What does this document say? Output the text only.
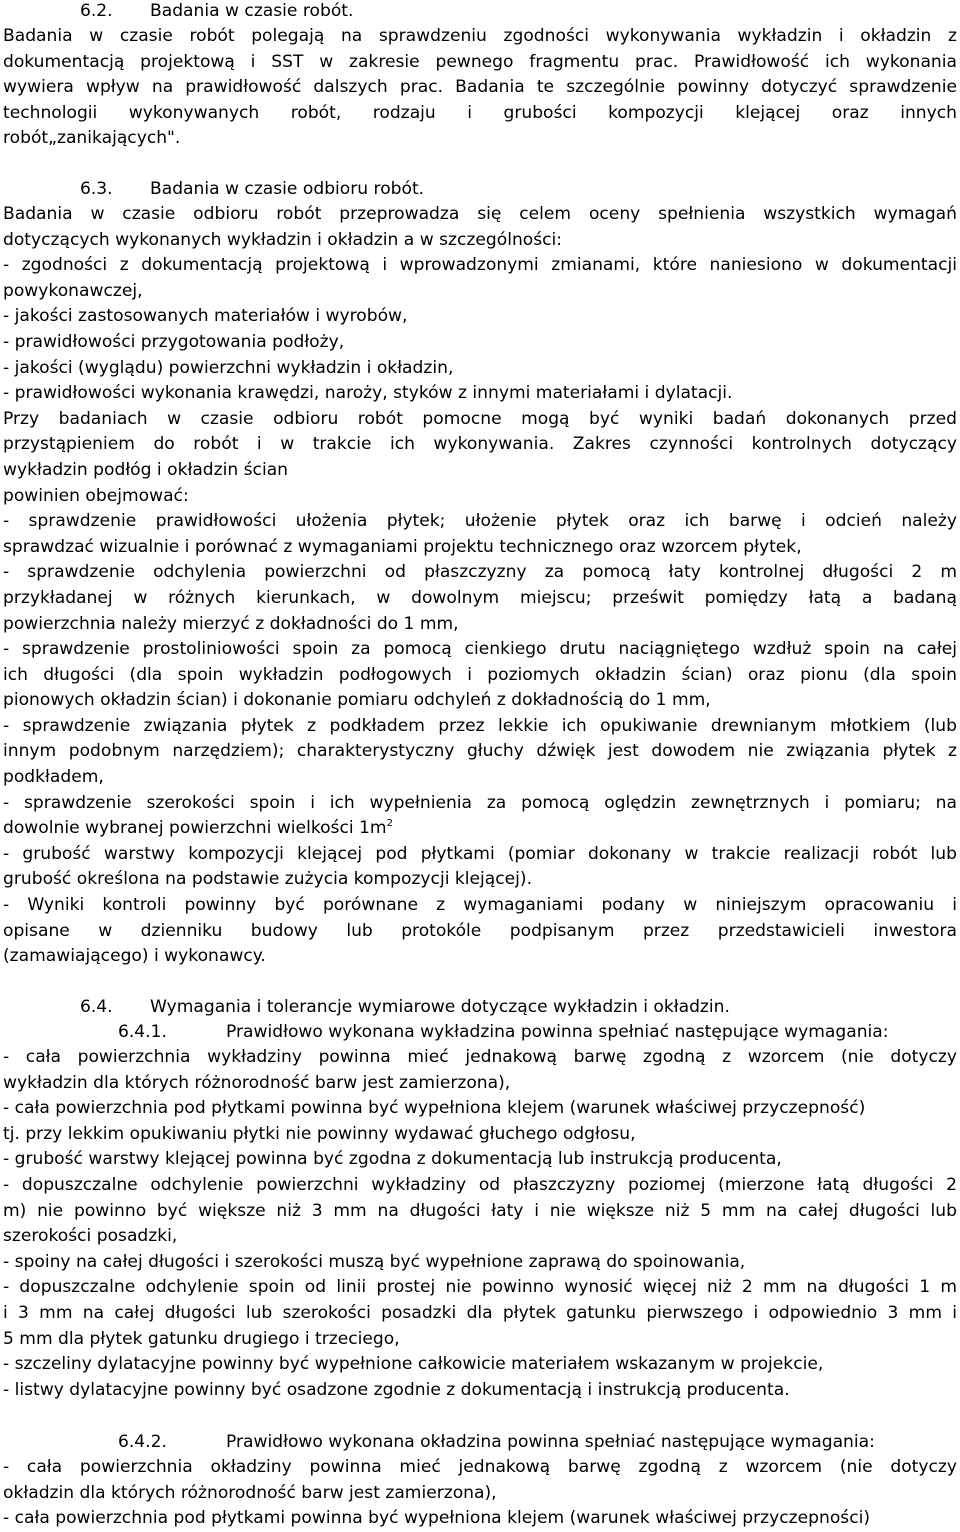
6.2. Badania w czasie robót.
Badania w czasie robót polegają na sprawdzeniu zgodności wykonywania wykładzin i okładzin z
dokumentacją projektową i SST w zakresie pewnego fragmentu prac. Prawidłowość ich wykonania
wywiera wpływ na prawidłowość dalszych prac. Badania te szczególnie powinny dotyczyć sprawdzenie
technologii wykonywanych robót, rodzaju i grubości kompozycji klejącej oraz innych
robót„zanikających".
6.3. Badania w czasie odbioru robót.
Badania w czasie odbioru robót przeprowadza się celem oceny spełnienia wszystkich wymagań
dotyczących wykonanych wykładzin i okładzin a w szczególności:
- zgodności z dokumentacją projektową i wprowadzonymi zmianami, które naniesiono w dokumentacji
powykonawczej,
- jakości zastosowanych materiałów i wyrobów,
- prawidłowości przygotowania podłoży,
- jakości (wyglądu) powierzchni wykładzin i okładzin,
- prawidłowości wykonania krawędzi, naroży, styków z innymi materiałami i dylatacji.
Przy badaniach w czasie odbioru robót pomocne mogą być wyniki badań dokonanych przed
przystąpieniem do robót i w trakcie ich wykonywania. Zakres czynności kontrolnych dotyczący
wykładzin podłóg i okładzin ścian
powinien obejmować:
- sprawdzenie prawidłowości ułożenia płytek; ułożenie płytek oraz ich barwę i odcień należy
sprawdzać wizualnie i porównać z wymaganiami projektu technicznego oraz wzorcem płytek,
- sprawdzenie odchylenia powierzchni od płaszczyzny za pomocą łaty kontrolnej długości 2 m
przykładanej w różnych kierunkach, w dowolnym miejscu; prześwit pomiędzy łatą a badaną
powierzchnia należy mierzyć z dokładności do 1 mm,
- sprawdzenie prostoliniowości spoin za pomocą cienkiego drutu naciągniętego wzdłuż spoin na całej
ich długości (dla spoin wykładzin podłogowych i poziomych okładzin ścian) oraz pionu (dla spoin
pionowych okładzin ścian) i dokonanie pomiaru odchyleń z dokładnością do 1 mm,
- sprawdzenie związania płytek z podkładem przez lekkie ich opukiwanie drewnianym młotkiem (lub
innym podobnym narzędziem); charakterystyczny głuchy dźwięk jest dowodem nie związania płytek z
podkładem,
- sprawdzenie szerokości spoin i ich wypełnienia za pomocą oględzin zewnętrznych i pomiaru; na
dowolnie wybranej powierzchni wielkości $1m^2$
- grubość warstwy kompozycji klejącej pod płytkami (pomiar dokonany w trakcie realizacji robót lub
grubość określona na podstawie zużycia kompozycji klejącej).
- Wyniki kontroli powinny być porównane z wymaganiami podany w niniejszym opracowaniu i
opisane w dzienniku budowy lub protokóle podpisanym przez przedstawicieli inwestora
(zamawiającego) i wykonawcy.
6.4. Wymagania i tolerancje wymiarowe dotyczące wykładzin i okładzin.
6.4.1.	Prawidłowo wykonana wykładzina powinna spełniać następujące wymagania:
- cała powierzchnia wykładziny powinna mieć jednakową barwę zgodną z wzorcem (nie dotyczy
wykładzin dla których różnorodność barw jest zamierzona),
- cała powierzchnia pod płytkami powinna być wypełniona klejem (warunek właściwej przyczepność)
tj. przy lekkim opukiwaniu płytki nie powinny wydawać głuchego odgłosu,
- grubość warstwy klejącej powinna być zgodna z dokumentacją lub instrukcją producenta,
- dopuszczalne odchylenie powierzchni wykładziny od płaszczyzny poziomej (mierzone łatą długości 2
m) nie powinno być większe niż 3 mm na długości łaty i nie większe niż 5 mm na całej długości lub
szerokości posadzki,
- spoiny na całej długości i szerokości muszą być wypełnione zaprawą do spoinowania,
- dopuszczalne odchylenie spoin od linii prostej nie powinno wynosić więcej niż 2 mm na długości 1 m
i 3 mm na całej długości lub szerokości posadzki dla płytek gatunku pierwszego i odpowiednio 3 mm i
5 mm dla płytek gatunku drugiego i trzeciego,
- szczeliny dylatacyjne powinny być wypełnione całkowicie materiałem wskazanym w projekcie,
- listwy dylatacyjne powinny być osadzone zgodnie z dokumentacją i instrukcją producenta.
6.4.2.	Prawidłowo wykonana okładzina powinna spełniać następujące wymagania:
- cała powierzchnia okładziny powinna mieć jednakową barwę zgodną z wzorcem (nie dotyczy
okładzin dla których różnorodność barw jest zamierzona),
- cała powierzchnia pod płytkami powinna być wypełniona klejem (warunek właściwej przyczepności)
